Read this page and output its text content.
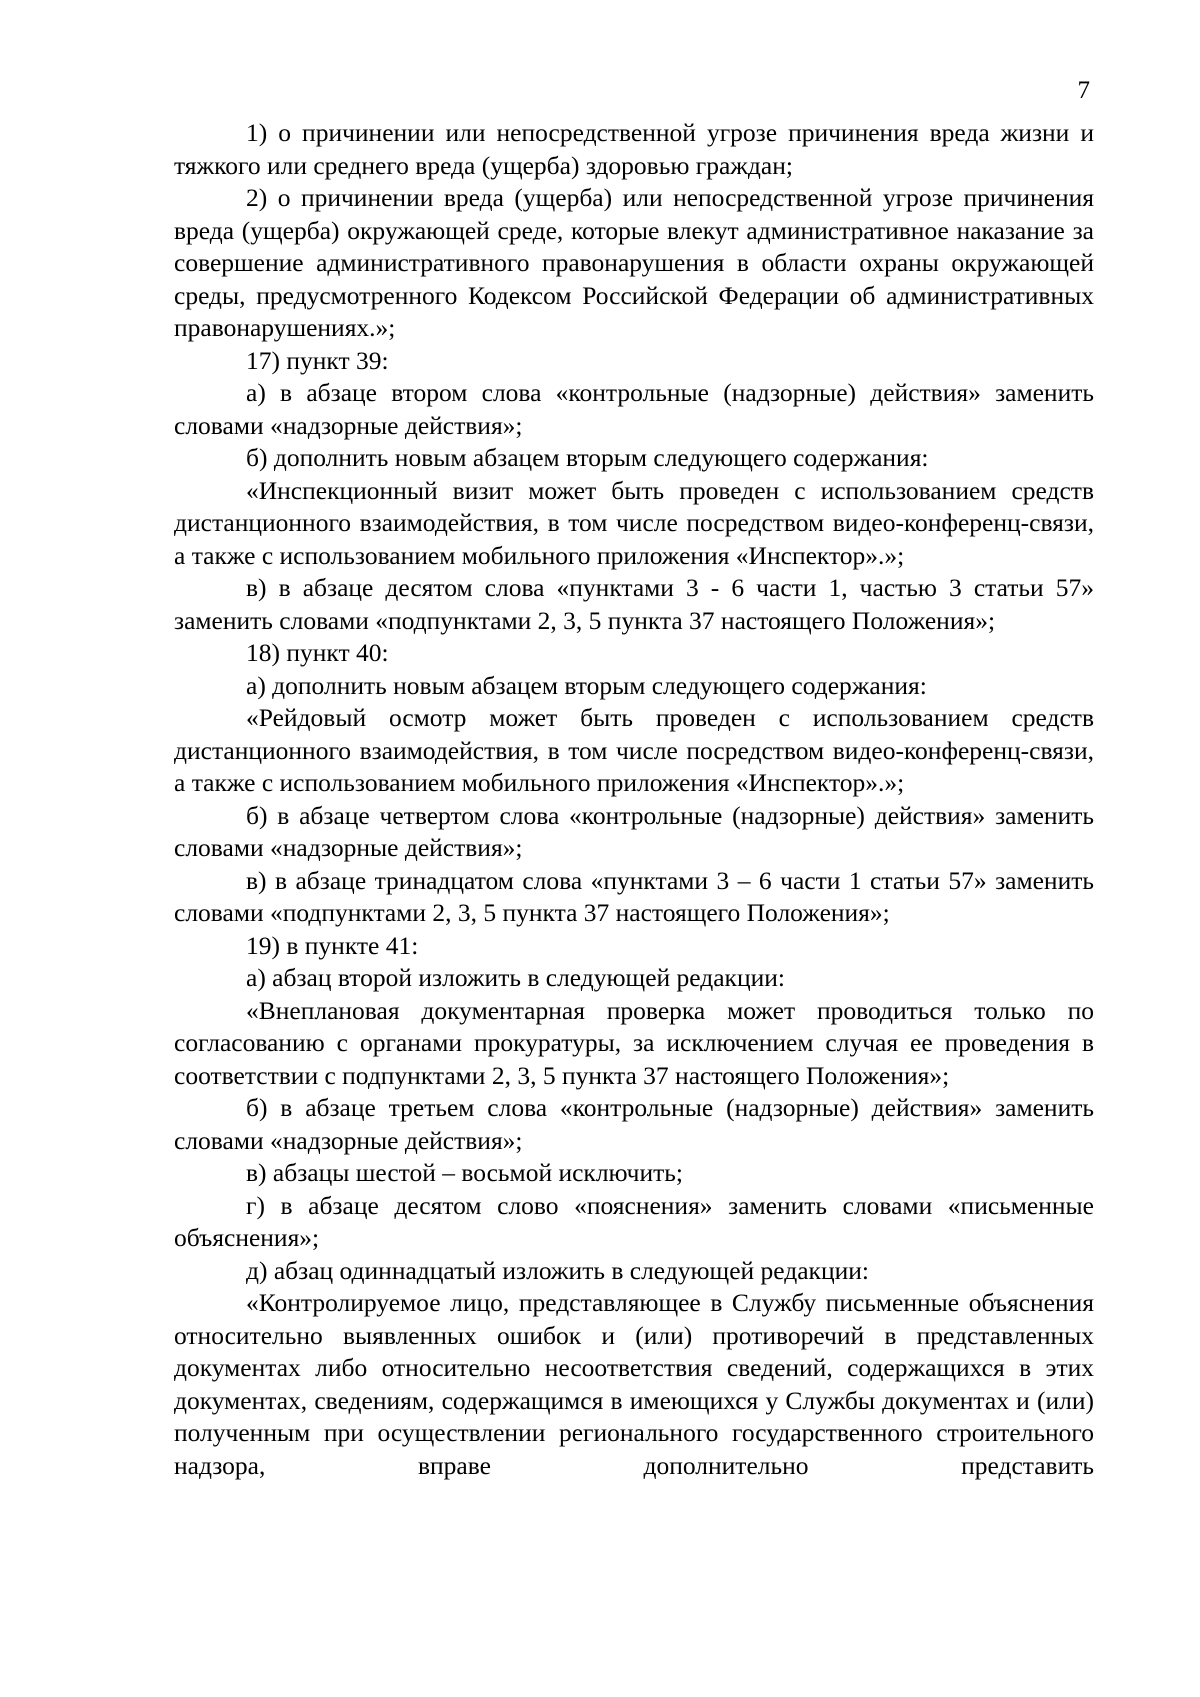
7

1) о причинении или непосредственной угрозе причинения вреда жизни и тяжкого или среднего вреда (ущерба) здоровью граждан;

2) о причинении вреда (ущерба) или непосредственной угрозе причинения вреда (ущерба) окружающей среде, которые влекут административное наказание за совершение административного правонарушения в области охраны окружающей среды, предусмотренного Кодексом Российской Федерации об административных правонарушениях.»;

17) пункт 39:

а) в абзаце втором слова «контрольные (надзорные) действия» заменить словами «надзорные действия»;

б) дополнить новым абзацем вторым следующего содержания:

«Инспекционный визит может быть проведен с использованием средств дистанционного взаимодействия, в том числе посредством видео-конференц-связи, а также с использованием мобильного приложения «Инспектор».»;

в) в абзаце десятом слова «пунктами 3 - 6 части 1, частью 3 статьи 57» заменить словами «подпунктами 2, 3, 5 пункта 37 настоящего Положения»;

18) пункт 40:

а) дополнить новым абзацем вторым следующего содержания:

«Рейдовый осмотр может быть проведен с использованием средств дистанционного взаимодействия, в том числе посредством видео-конференц-связи, а также с использованием мобильного приложения «Инспектор».»;

б) в абзаце четвертом слова «контрольные (надзорные) действия» заменить словами «надзорные действия»;

в) в абзаце тринадцатом слова «пунктами 3 – 6 части 1 статьи 57» заменить словами «подпунктами 2, 3, 5 пункта 37 настоящего Положения»;

19) в пункте 41:

а) абзац второй изложить в следующей редакции:

«Внеплановая документарная проверка может проводиться только по согласованию с органами прокуратуры, за исключением случая ее проведения в соответствии с подпунктами 2, 3, 5 пункта 37 настоящего Положения»;

б) в абзаце третьем слова «контрольные (надзорные) действия» заменить словами «надзорные действия»;

в) абзацы шестой – восьмой исключить;

г) в абзаце десятом слово «пояснения» заменить словами «письменные объяснения»;

д) абзац одиннадцатый изложить в следующей редакции:

«Контролируемое лицо, представляющее в Службу письменные объяснения относительно выявленных ошибок и (или) противоречий в представленных документах либо относительно несоответствия сведений, содержащихся в этих документах, сведениям, содержащимся в имеющихся у Службы документах и (или) полученным при осуществлении регионального государственного строительного надзора, вправе дополнительно представить
